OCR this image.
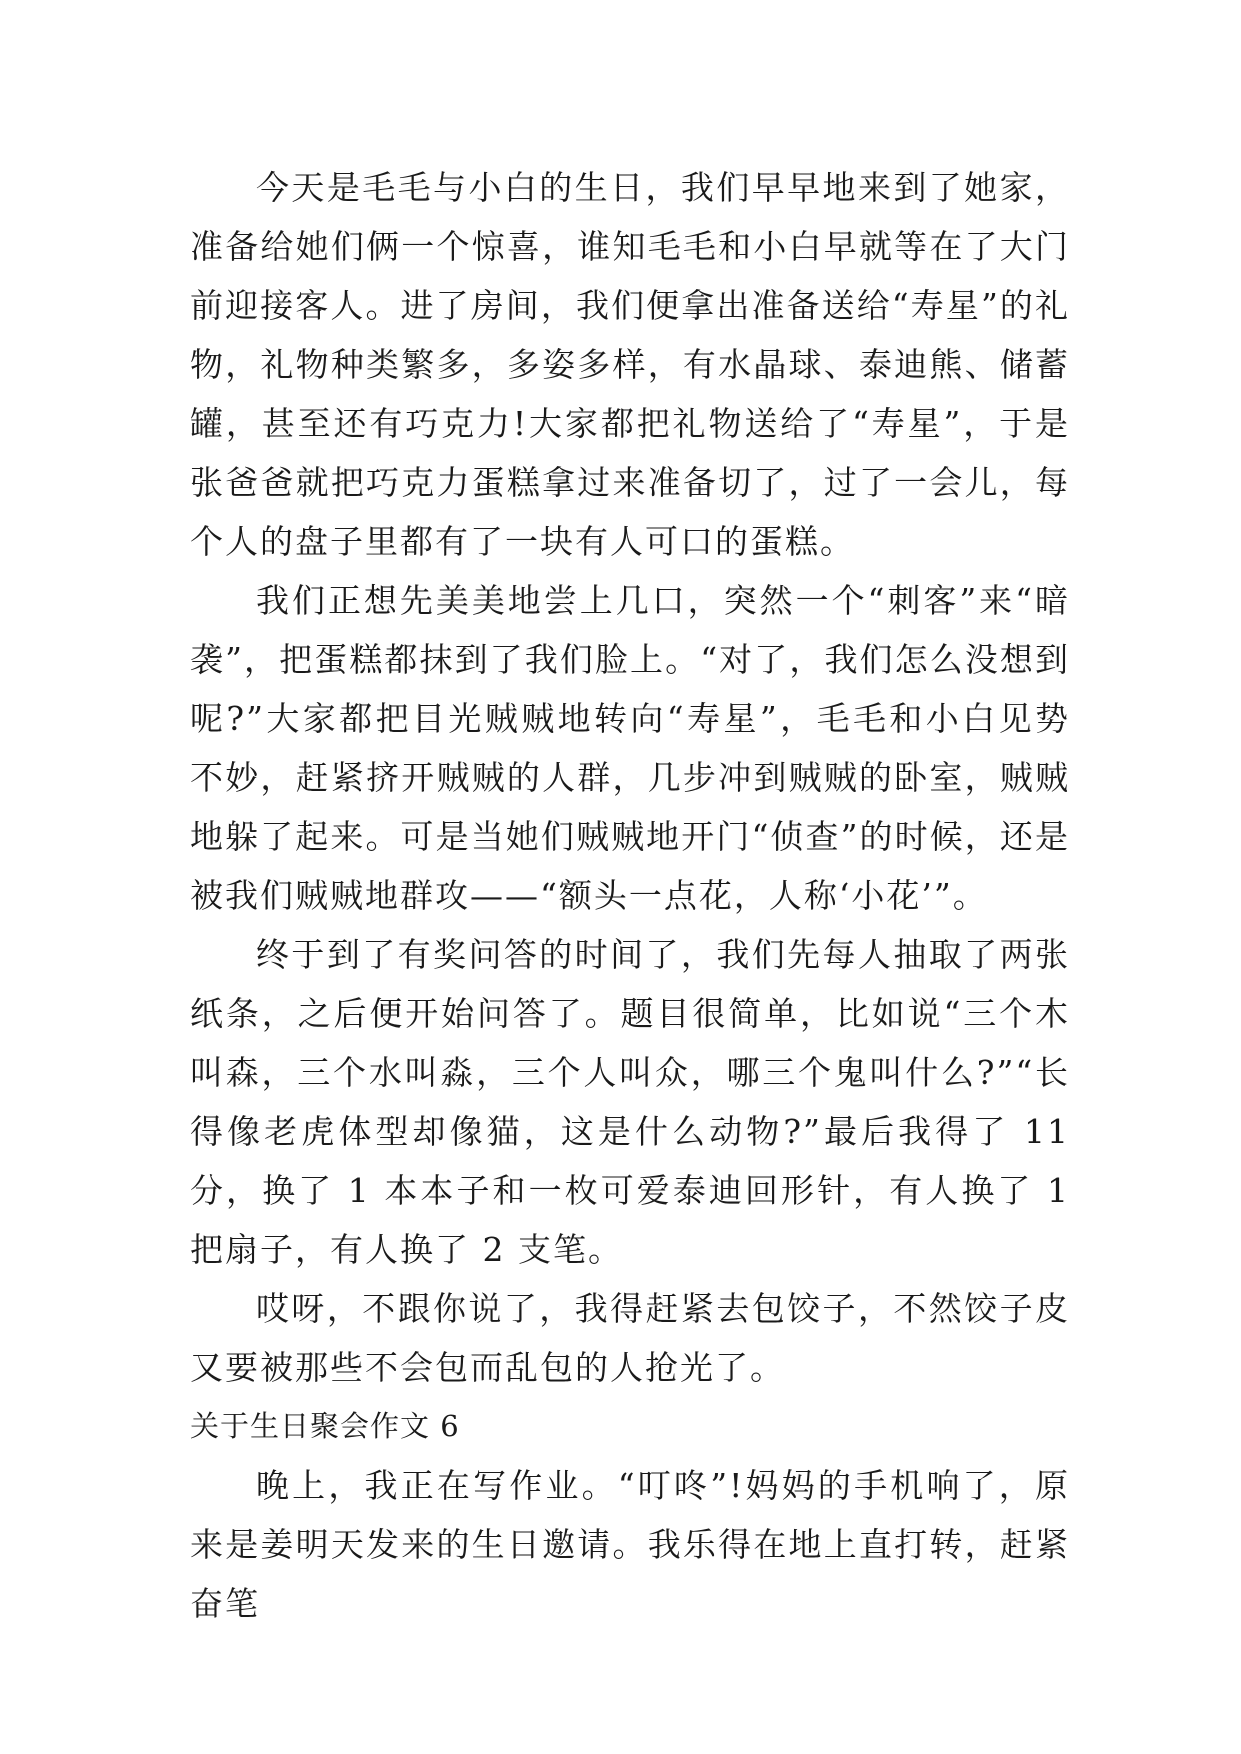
今天是毛毛与小白的生日，我们早早地来到了她家，准备给她们俩一个惊喜，谁知毛毛和小白早就等在了大门前迎接客人。进了房间，我们便拿出准备送给“寿星”的礼物，礼物种类繁多，多姿多样，有水晶球、泰迪熊、储蓄罐，甚至还有巧克力!大家都把礼物送给了“寿星”，于是张爸爸就把巧克力蛋糕拿过来准备切了，过了一会儿，每个人的盘子里都有了一块有人可口的蛋糕。

我们正想先美美地尝上几口，突然一个“刺客”来“暗袭”，把蛋糕都抹到了我们脸上。“对了，我们怎么没想到呢?”大家都把目光贼贼地转向“寿星”，毛毛和小白见势不妙，赶紧挤开贼贼的人群，几步冲到贼贼的卧室，贼贼地躲了起来。可是当她们贼贼地开门“侦查”的时候，还是被我们贼贼地群攻——“额头一点花，人称‘小花’”。

终于到了有奖问答的时间了，我们先每人抽取了两张纸条，之后便开始问答了。题目很简单，比如说“三个木叫森，三个水叫淼，三个人叫众，哪三个鬼叫什么?”“长得像老虎体型却像猫，这是什么动物?”最后我得了 11 分，换了 1 本本子和一枚可爱泰迪回形针，有人换了 1 把扇子，有人换了 2 支笔。

哎呀，不跟你说了，我得赶紧去包饺子，不然饺子皮又要被那些不会包而乱包的人抢光了。

关于生日聚会作文 6

晚上，我正在写作业。“叮咚”!妈妈的手机响了，原来是姜明天发来的生日邀请。我乐得在地上直打转，赶紧奋笔
